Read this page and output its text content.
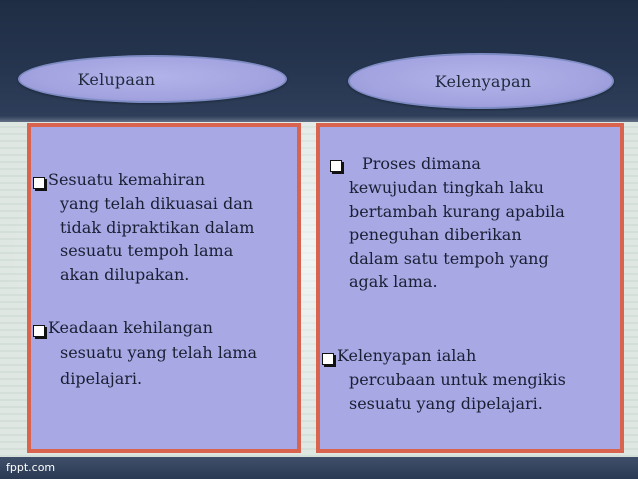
fppt.com
Kelupaan	Kelenyapan
Sesuatu kemahiran
yang telah dikuasai dan
tidak dipraktikan dalam
sesuatu tempoh lama
akan dilupakan.
Keadaan kehilangan
sesuatu yang telah lama
dipelajari.
Proses dimana
kewujudan tingkah laku
bertambah kurang apabila
peneguhan diberikan
dalam satu tempoh yang
agak lama.
Kelenyapan ialah
percubaan untuk mengikis
sesuatu yang dipelajari.
